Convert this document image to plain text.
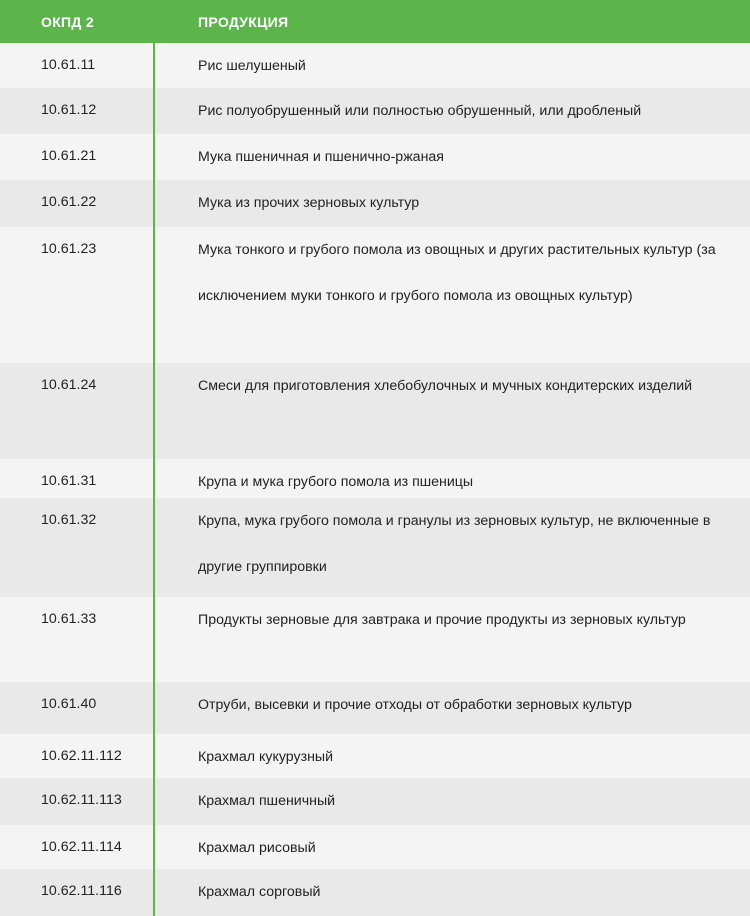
ОКПД 2	ПРОДУКЦИЯ
10.61.11	Рис шелушеный
10.61.12	Рис полуобрушенный или полностью обрушенный, или дробленый
10.61.21	Мука пшеничная и пшенично-ржаная
10.61.22	Мука из прочих зерновых культур
10.61.23	Мука тонкого и грубого помола из овощных и других растительных культур (за исключением муки тонкого и грубого помола из овощных культур)
10.61.24	Смеси для приготовления хлебобулочных и мучных кондитерских изделий
10.61.31	Крупа и мука грубого помола из пшеницы
10.61.32	Крупа, мука грубого помола и гранулы из зерновых культур, не включенные в другие группировки
10.61.33	Продукты зерновые для завтрака и прочие продукты из зерновых культур
10.61.40	Отруби, высевки и прочие отходы от обработки зерновых культур
10.62.11.112	Крахмал кукурузный
10.62.11.113	Крахмал пшеничный
10.62.11.114	Крахмал рисовый
10.62.11.116	Крахмал сорговый
